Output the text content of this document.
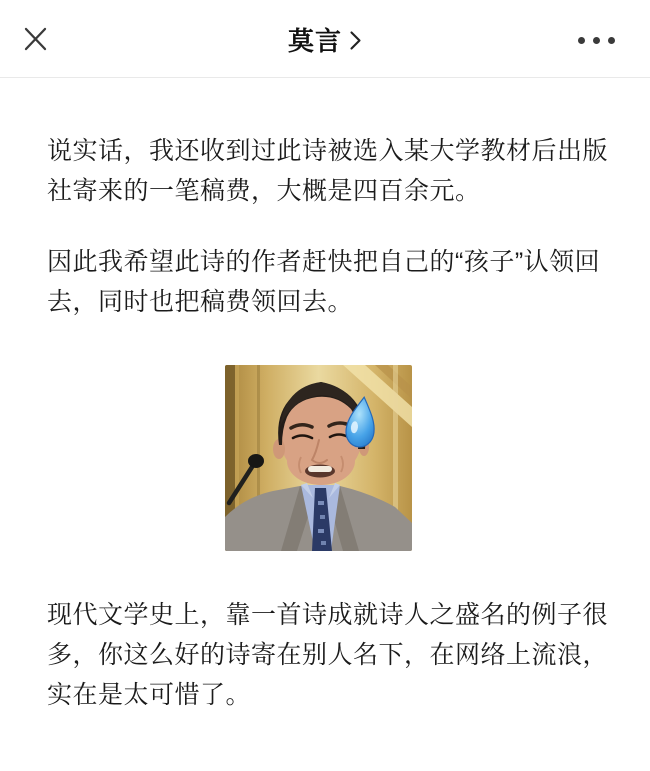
莫言

说实话，我还收到过此诗被选入某大学教材后出版
社寄来的一笔稿费，大概是四百余元。

因此我希望此诗的作者赶快把自己的“孩子”认领回
去，同时也把稿费领回去。

现代文学史上，靠一首诗成就诗人之盛名的例子很
多，你这么好的诗寄在别人名下，在网络上流浪，
实在是太可惜了。
